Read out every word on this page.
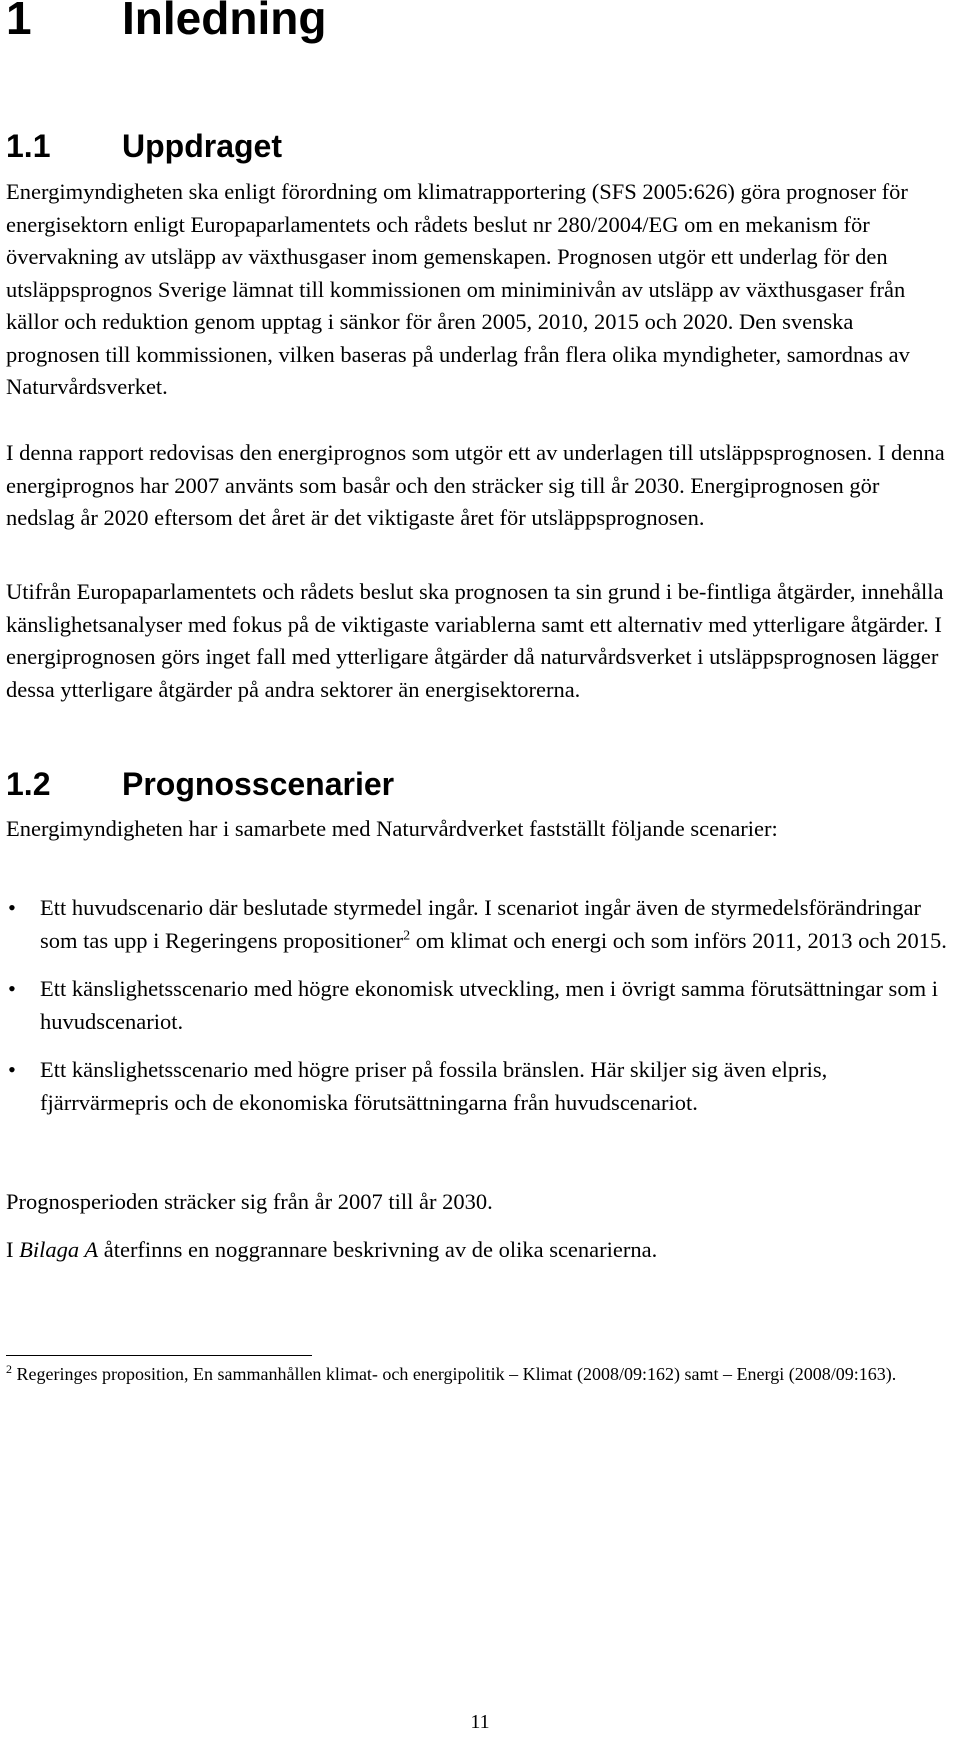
1 Inledning
1.1 Uppdraget

Energimyndigheten ska enligt förordning om klimatrapportering (SFS 2005:626) göra prognoser för energisektorn enligt Europaparlamentets och rådets beslut nr 280/2004/EG om en mekanism för övervakning av utsläpp av växthusgaser inom gemenskapen. Prognosen utgör ett underlag för den utsläppsprognos Sverige lämnat till kommissionen om miniminivån av utsläpp av växthusgaser från källor och reduktion genom upptag i sänkor för åren 2005, 2010, 2015 och 2020. Den svenska prognosen till kommissionen, vilken baseras på underlag från flera olika myndigheter, samordnas av Naturvårdsverket.

I denna rapport redovisas den energiprognos som utgör ett av underlagen till utsläppsprognosen. I denna energiprognos har 2007 använts som basår och den sträcker sig till år 2030. Energiprognosen gör nedslag år 2020 eftersom det året är det viktigaste året för utsläppsprognosen.

Utifrån Europaparlamentets och rådets beslut ska prognosen ta sin grund i be-fintliga åtgärder, innehålla känslighetsanalyser med fokus på de viktigaste variablerna samt ett alternativ med ytterligare åtgärder. I energiprognosen görs inget fall med ytterligare åtgärder då naturvårdsverket i utsläppsprognosen lägger dessa ytterligare åtgärder på andra sektorer än energisektorerna.

1.2 Prognosscenarier

Energimyndigheten har i samarbete med Naturvårdverket fastställt följande scenarier:

• Ett huvudscenario där beslutade styrmedel ingår. I scenariot ingår även de styrmedelsförändringar som tas upp i Regeringens propositioner$^2$ om klimat och energi och som införs 2011, 2013 och 2015.
• Ett känslighetsscenario med högre ekonomisk utveckling, men i övrigt samma förutsättningar som i huvudscenariot.
• Ett känslighetsscenario med högre priser på fossila bränslen. Här skiljer sig även elpris, fjärrvärmepris och de ekonomiska förutsättningarna från huvudscenariot.

Prognosperioden sträcker sig från år 2007 till år 2030.

I Bilaga A återfinns en noggrannare beskrivning av de olika scenarierna.

$^2$ Regeringes proposition, En sammanhållen klimat- och energipolitik – Klimat (2008/09:162) samt – Energi (2008/09:163).

11
